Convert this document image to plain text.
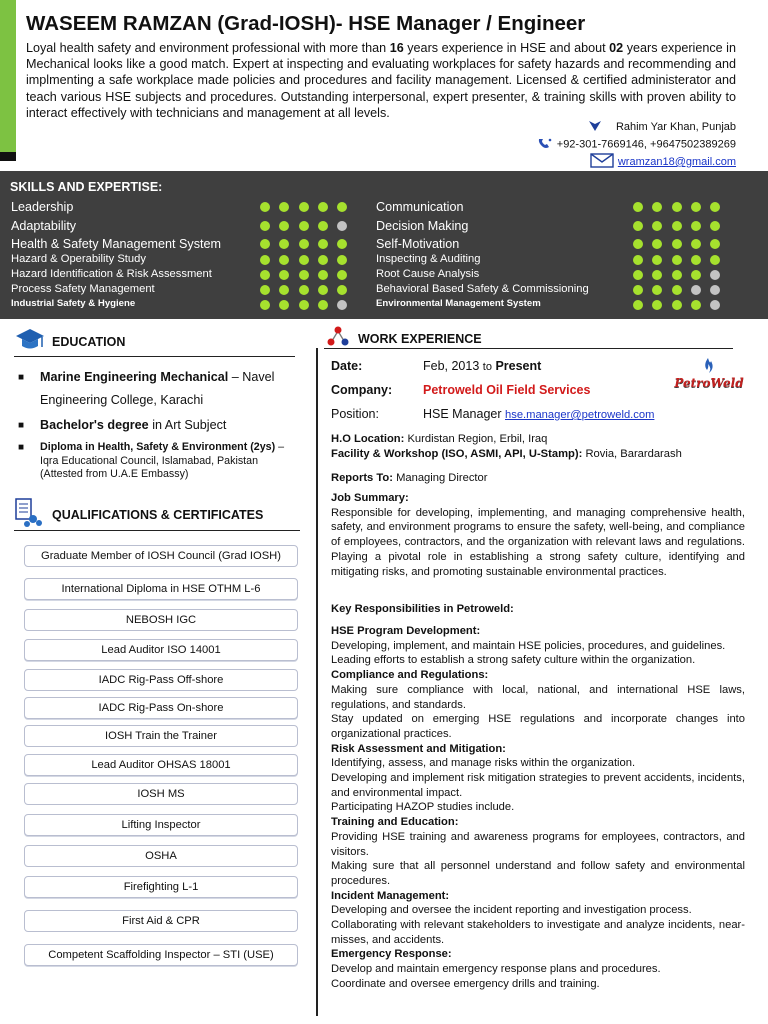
WASEEM RAMZAN (Grad-IOSH)- HSE Manager / Engineer
Loyal health safety and environment professional with more than 16 years experience in HSE and about 02 years experience in Mechanical looks like a good match. Expert at inspecting and evaluating workplaces for safety hazards and recommending and implmenting a safe workplace made policies and procedures and facility management. Licensed & certified administerator and teach various HSE subjects and procedures. Outstanding interpersonal, expert presenter, & training skills with proven ability to interact effectively with technicians and management at all levels.
Rahim Yar Khan, Punjab
+92-301-7669146, +9647502389269
wramzan18@gmail.com
SKILLS AND EXPERTISE:
Leadership
Adaptability
Health & Safety Management System
Hazard & Operability Study
Hazard Identification & Risk Assessment
Process Safety Management
Industrial Safety & Hygiene
Communication
Decision Making
Self-Motivation
Inspecting & Auditing
Root Cause Analysis
Behavioral Based Safety & Commissioning
Environmental Management System
EDUCATION
■ Marine Engineering Mechanical – Navel Engineering College, Karachi
■ Bachelor's degree in Art Subject
■ Diploma in Health, Safety & Environment (2ys) – Iqra Educational Council, Islamabad, Pakistan (Attested from U.A.E Embassy)
QUALIFICATIONS & CERTIFICATES
Graduate Member of IOSH Council (Grad IOSH)
International Diploma in HSE OTHM L-6
NEBOSH IGC
Lead Auditor ISO 14001
IADC Rig-Pass Off-shore
IADC Rig-Pass On-shore
IOSH Train the Trainer
Lead Auditor OHSAS 18001
IOSH MS
Lifting Inspector
OSHA
Firefighting L-1
First Aid & CPR
Competent Scaffolding Inspector – STI (USE)
WORK EXPERIENCE
Date:	Feb, 2013 to Present
Company: Petroweld Oil Field Services	PetroWeld
Position:	HSE Manager hse.manager@petroweld.com
H.O Location: Kurdistan Region, Erbil, Iraq
Facility & Workshop (ISO, ASMI, API, U-Stamp): Rovia, Barardarash
Reports To: Managing Director
Job Summary:
Responsible for developing, implementing, and managing comprehensive health, safety, and environment programs to ensure the safety, well-being, and compliance of employees, contractors, and the organization with relevant laws and regulations. Playing a pivotal role in establishing a strong safety culture, identifying and mitigating risks, and promoting sustainable environmental practices.
Key Responsibilities in Petroweld:
HSE Program Development:
Developing, implement, and maintain HSE policies, procedures, and guidelines.
Leading efforts to establish a strong safety culture within the organization.
Compliance and Regulations:
Making sure compliance with local, national, and international HSE laws, regulations, and standards.
Stay updated on emerging HSE regulations and incorporate changes into organizational practices.
Risk Assessment and Mitigation:
Identifying, assess, and manage risks within the organization.
Developing and implement risk mitigation strategies to prevent accidents, incidents, and environmental impact.
Participating HAZOP studies include.
Training and Education:
Providing HSE training and awareness programs for employees, contractors, and visitors.
Making sure that all personnel understand and follow safety and environmental procedures.
Incident Management:
Developing and oversee the incident reporting and investigation process.
Collaborating with relevant stakeholders to investigate and analyze incidents, near-misses, and accidents.
Emergency Response:
Develop and maintain emergency response plans and procedures.
Coordinate and oversee emergency drills and training.
